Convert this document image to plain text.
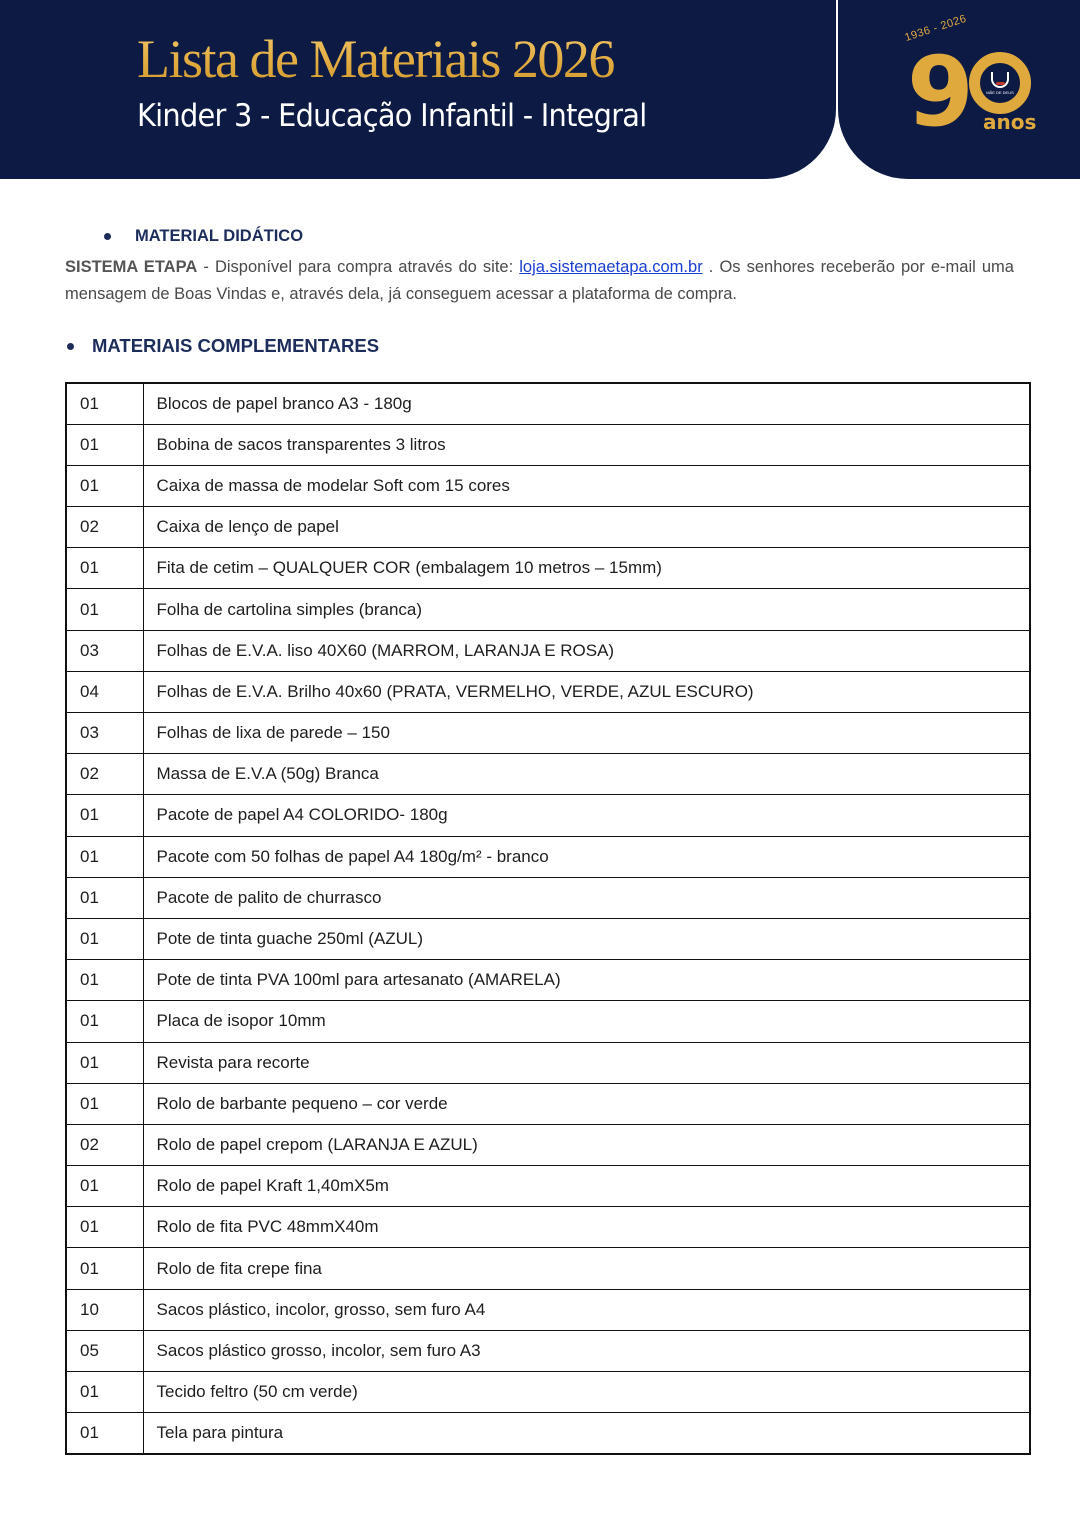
Lista de Materiais 2026
Kinder 3 - Educação Infantil - Integral
1936 - 2026
9	MÃE DE DEUS
anos
MATERIAL DIDÁTICO

SISTEMA ETAPA - Disponível para compra através do site: loja.sistemaetapa.com.br . Os senhores receberão por e-mail uma mensagem de Boas Vindas e, através dela, já conseguem acessar a plataforma de compra.

MATERIAIS COMPLEMENTARES
01	Blocos de papel branco A3 - 180g
01	Bobina de sacos transparentes 3 litros
01	Caixa de massa de modelar Soft com 15 cores
02	Caixa de lenço de papel
01	Fita de cetim – QUALQUER COR (embalagem 10 metros – 15mm)
01	Folha de cartolina simples (branca)
03	Folhas de E.V.A. liso 40X60 (MARROM, LARANJA E ROSA)
04	Folhas de E.V.A. Brilho 40x60 (PRATA, VERMELHO, VERDE, AZUL ESCURO)
03	Folhas de lixa de parede – 150
02	Massa de E.V.A (50g) Branca
01	Pacote de papel A4 COLORIDO- 180g
01	Pacote com 50 folhas de papel A4 180g/m² - branco
01	Pacote de palito de churrasco
01	Pote de tinta guache 250ml (AZUL)
01	Pote de tinta PVA 100ml para artesanato (AMARELA)
01	Placa de isopor 10mm
01	Revista para recorte
01	Rolo de barbante pequeno – cor verde
02	Rolo de papel crepom (LARANJA E AZUL)
01	Rolo de papel Kraft 1,40mX5m
01	Rolo de fita PVC 48mmX40m
01	Rolo de fita crepe fina
10	Sacos plástico, incolor, grosso, sem furo A4
05	Sacos plástico grosso, incolor, sem furo A3
01	Tecido feltro (50 cm verde)
01	Tela para pintura
